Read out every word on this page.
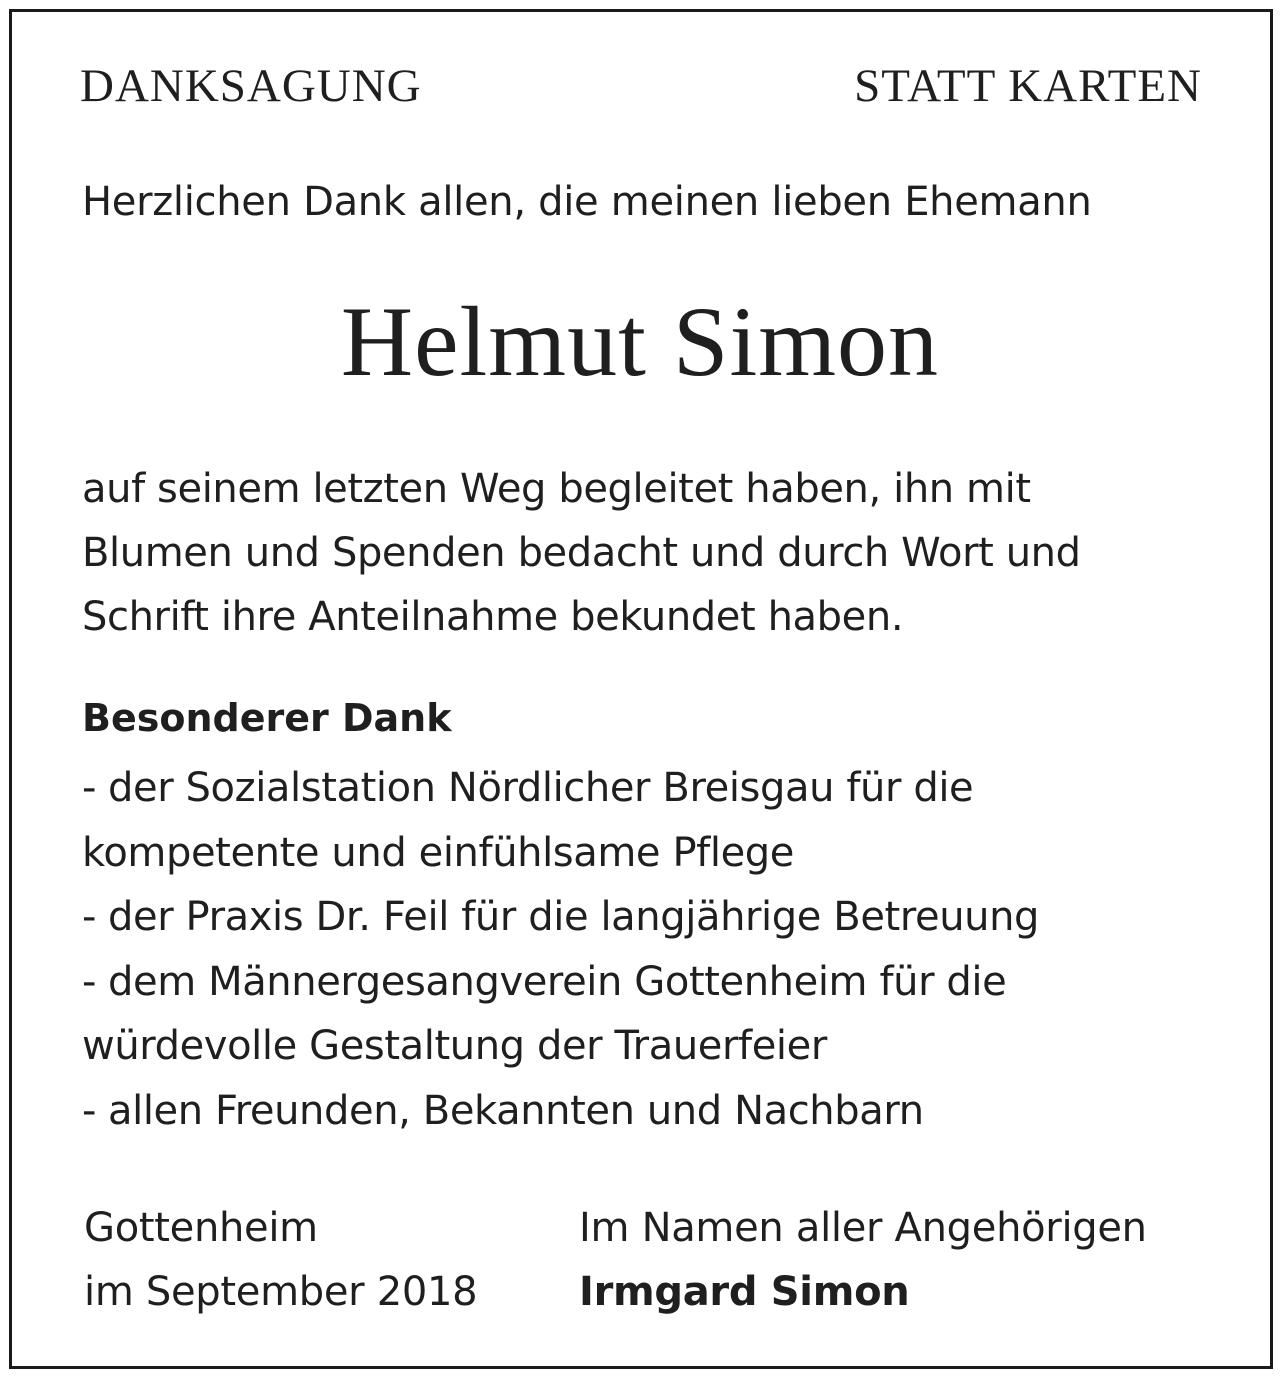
DANKSAGUNG	STATT KARTEN
Herzlichen Dank allen, die meinen lieben Ehemann
Helmut Simon
auf seinem letzten Weg begleitet haben, ihn mit
Blumen und Spenden bedacht und durch Wort und
Schrift ihre Anteilnahme bekundet haben.
Besonderer Dank
- der Sozialstation Nördlicher Breisgau für die
kompetente und einfühlsame Pflege
- der Praxis Dr. Feil für die langjährige Betreuung
- dem Männergesangverein Gottenheim für die
würdevolle Gestaltung der Trauerfeier
- allen Freunden, Bekannten und Nachbarn
Gottenheim
im September 2018
Im Namen aller Angehörigen
Irmgard Simon
